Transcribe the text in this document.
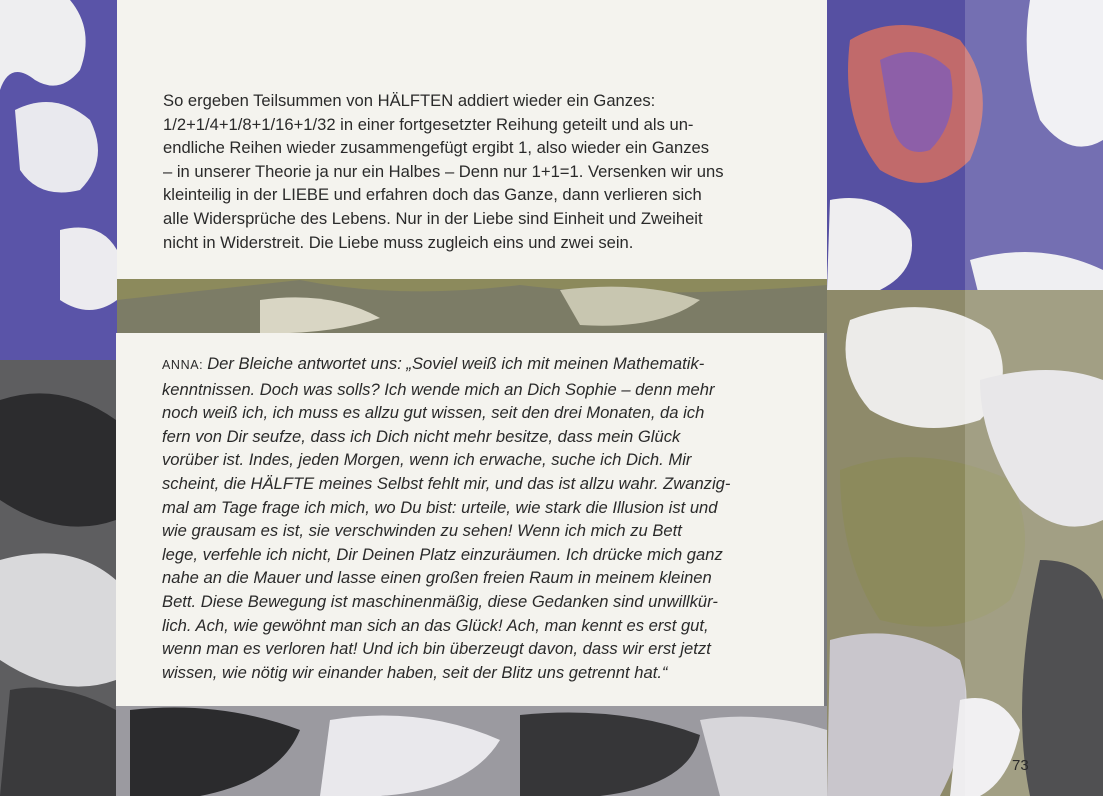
So ergeben Teilsummen von HÄLFTEN addiert wieder ein Ganzes:
1/2+1/4+1/8+1/16+1/32 in einer fortgesetzter Reihung geteilt und als un-
endliche Reihen wieder zusammengefügt ergibt 1, also wieder ein Ganzes
– in unserer Theorie ja nur ein Halbes – Denn nur 1+1=1. Versenken wir uns
kleinteilig in der LIEBE und erfahren doch das Ganze, dann verlieren sich
alle Widersprüche des Lebens. Nur in der Liebe sind Einheit und Zweiheit
nicht in Widerstreit. Die Liebe muss zugleich eins und zwei sein.
ANNA: Der Bleiche antwortet uns: „Soviel weiß ich mit meinen Mathematik-
kenntnissen. Doch was solls? Ich wende mich an Dich Sophie – denn mehr
noch weiß ich, ich muss es allzu gut wissen, seit den drei Monaten, da ich
fern von Dir seufze, dass ich Dich nicht mehr besitze, dass mein Glück
vorüber ist. Indes, jeden Morgen, wenn ich erwache, suche ich Dich. Mir
scheint, die HÄLFTE meines Selbst fehlt mir, und das ist allzu wahr. Zwanzig-
mal am Tage frage ich mich, wo Du bist: urteile, wie stark die Illusion ist und
wie grausam es ist, sie verschwinden zu sehen! Wenn ich mich zu Bett
lege, verfehle ich nicht, Dir Deinen Platz einzuräumen. Ich drücke mich ganz
nahe an die Mauer und lasse einen großen freien Raum in meinem kleinen
Bett. Diese Bewegung ist maschinenmäßig, diese Gedanken sind unwillkür-
lich. Ach, wie gewöhnt man sich an das Glück! Ach, man kennt es erst gut,
wenn man es verloren hat! Und ich bin überzeugt davon, dass wir erst jetzt
wissen, wie nötig wir einander haben, seit der Blitz uns getrennt hat.“
73
